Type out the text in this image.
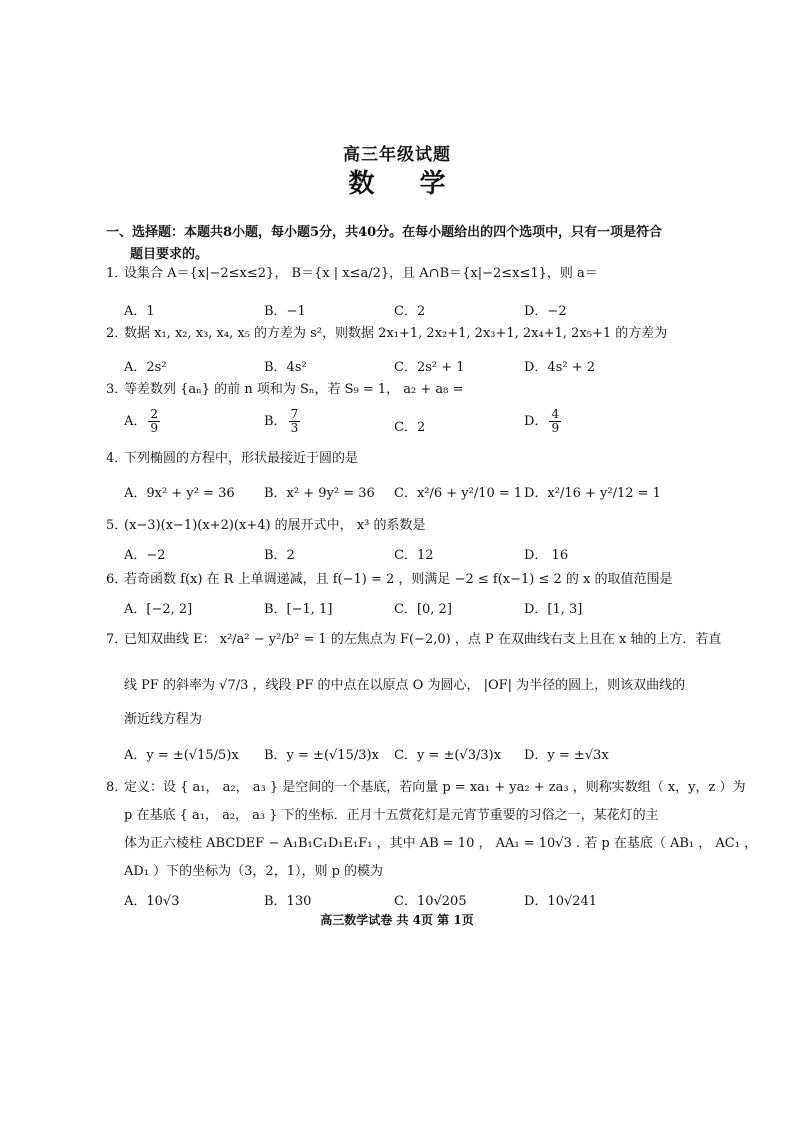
高三年级试题
数 学
一、选择题：本题共8小题，每小题5分，共40分。在每小题给出的四个选项中，只有一项是符合
题目要求的。
1．设集合 A＝{x|−2≤x≤2}， B＝{x | x≤a/2}，且 A∩B＝{x|−2≤x≤1}，则 a＝
A．1	B．−1	C．2	D．−2
2．数据 x₁, x₂, x₃, x₄, x₅ 的方差为 s²，则数据 2x₁+1, 2x₂+1, 2x₃+1, 2x₄+1, 2x₅+1 的方差为
A．2s²	B．4s²	C．2s² + 1	D．4s² + 2
3．等差数列 {aₙ} 的前 n 项和为 Sₙ，若 S₉ = 1， a₂ + a₈ =
A． $\frac{2}{9}$	B． $\frac{7}{3}$	C．2	D． $\frac{4}{9}$
4．下列椭圆的方程中，形状最接近于圆的是
A．9x² + y² = 36 B．x² + 9y² = 36 C．x²/6 + y²/10 = 1 D．x²/16 + y²/12 = 1
5．(x−3)(x−1)(x+2)(x+4) 的展开式中， x³ 的系数是
A．−2	B．2	C．12	D． 16
6．若奇函数 f(x) 在 R 上单调递减，且 f(−1) = 2 ，则满足 −2 ≤ f(x−1) ≤ 2 的 x 的取值范围是
A．[−2, 2]	B．[−1, 1]	C．[0, 2]	D．[1, 3]
7．已知双曲线 E： x²/a² − y²/b² = 1 的左焦点为 F(−2,0) ，点 P 在双曲线右支上且在 x 轴的上方．若直
线 PF 的斜率为 √7/3 ，线段 PF 的中点在以原点 O 为圆心， |OF| 为半径的圆上，则该双曲线的
渐近线方程为
A．y = ±(√15/5)x B．y = ±(√15/3)x C．y = ±(√3/3)x D．y = ±√3x
8．定义：设 { a₁， a₂， a₃ } 是空间的一个基底，若向量 p = xa₁ + ya₂ + za₃ ，则称实数组（ x，y，z ）为
p 在基底 { a₁， a₂， a₃ } 下的坐标．正月十五赏花灯是元宵节重要的习俗之一，某花灯的主
体为正六棱柱 ABCDEF − A₁B₁C₁D₁E₁F₁ ，其中 AB = 10 ， AA₁ = 10√3 . 若 p 在基底（ AB₁ ， AC₁ ，
AD₁ ）下的坐标为（3，2，1），则 p 的模为
A．10√3	B．130	C．10√205	D．10√241
高三数学试卷 共 4页 第 1页
